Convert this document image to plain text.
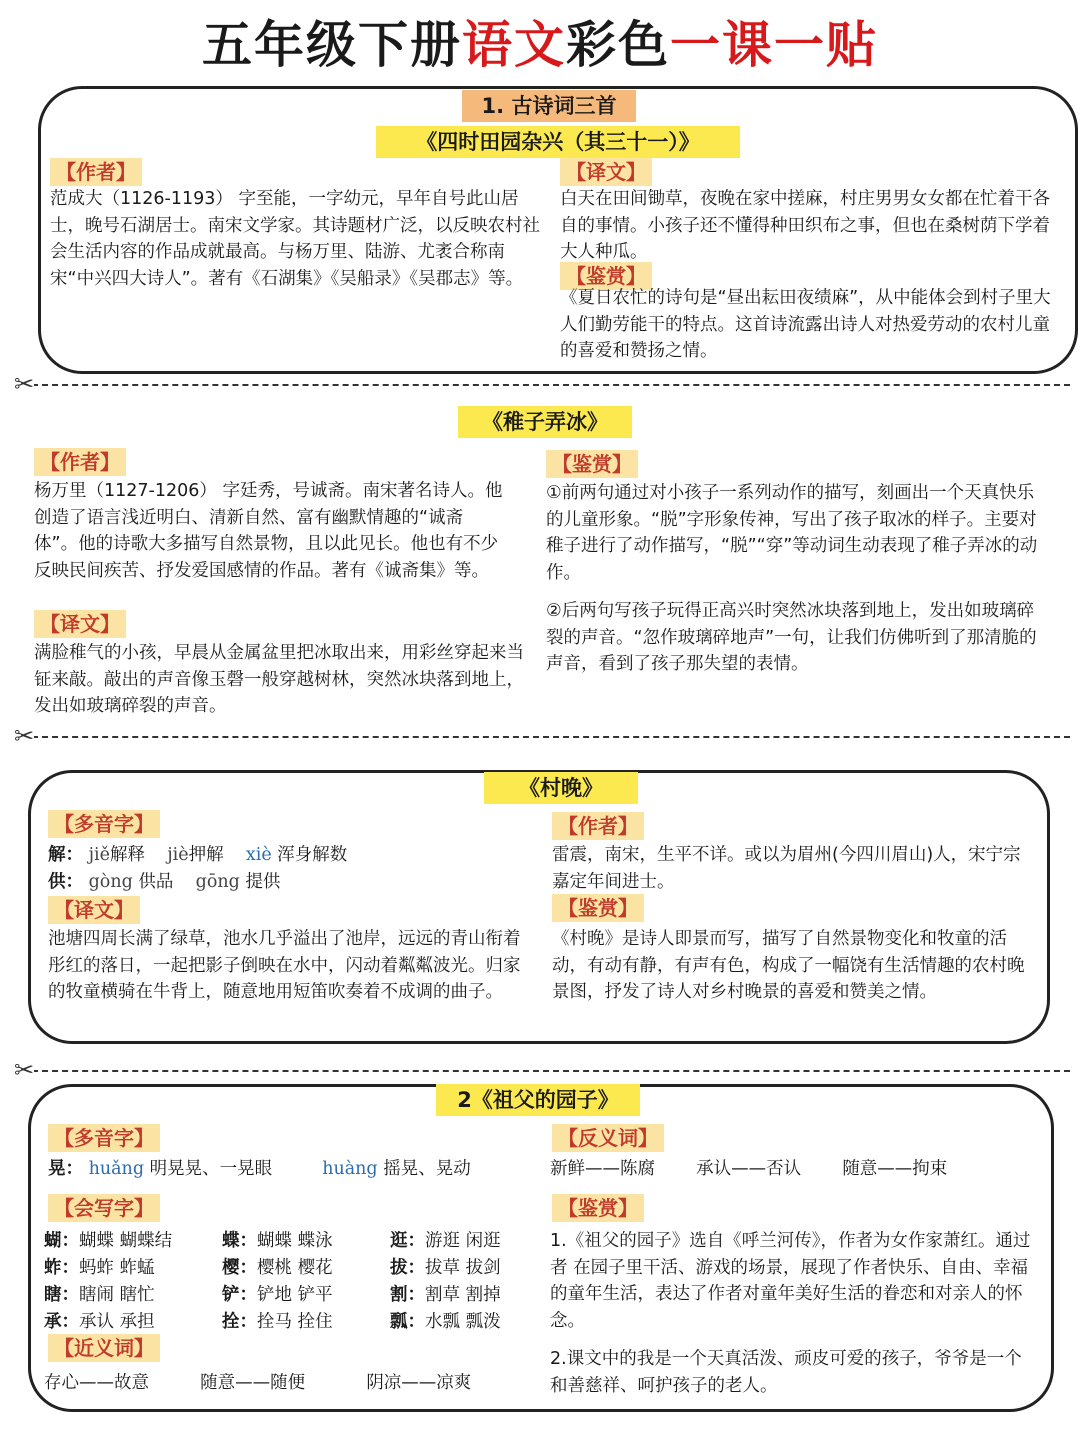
五年级下册语文彩色一课一贴
1. 古诗词三首
《四时田园杂兴（其三十一）》
【作者】
范成大（1126-1193） 字至能，一字幼元，早年自号此山居士，晚号石湖居士。南宋文学家。其诗题材广泛，以反映农村社会生活内容的作品成就最高。与杨万里、陆游、尤袤合称南宋“中兴四大诗人”。著有《石湖集》《吴船录》《吴郡志》等。
【译文】
白天在田间锄草，夜晚在家中搓麻，村庄男男女女都在忙着干各自的事情。小孩子还不懂得种田织布之事，但也在桑树荫下学着大人种瓜。
【鉴赏】
《夏日农忙的诗句是“昼出耘田夜绩麻”，从中能体会到村子里大人们勤劳能干的特点。这首诗流露出诗人对热爱劳动的农村儿童的喜爱和赞扬之情。
✂
《稚子弄冰》
【作者】
杨万里（1127-1206） 字廷秀，号诚斋。南宋著名诗人。他创造了语言浅近明白、清新自然、富有幽默情趣的“诚斋体”。他的诗歌大多描写自然景物，且以此见长。他也有不少反映民间疾苦、抒发爱国感情的作品。著有《诚斋集》等。
【译文】
满脸稚气的小孩，早晨从金属盆里把冰取出来，用彩丝穿起来当钲来敲。敲出的声音像玉磬一般穿越树林，突然冰块落到地上，发出如玻璃碎裂的声音。
【鉴赏】
①前两句通过对小孩子一系列动作的描写，刻画出一个天真快乐的儿童形象。“脱”字形象传神，写出了孩子取冰的样子。主要对稚子进行了动作描写，“脱”“穿”等动词生动表现了稚子弄冰的动作。
②后两句写孩子玩得正高兴时突然冰块落到地上，发出如玻璃碎裂的声音。“忽作玻璃碎地声”一句，让我们仿佛听到了那清脆的声音，看到了孩子那失望的表情。
✂
《村晚》
【多音字】
解： jiě解释 jiè押解 xiè 浑身解数
供： gòng 供品 gōng 提供
【译文】
池塘四周长满了绿草，池水几乎溢出了池岸，远远的青山衔着彤红的落日，一起把影子倒映在水中，闪动着粼粼波光。归家的牧童横骑在牛背上，随意地用短笛吹奏着不成调的曲子。
【作者】
雷震，南宋，生平不详。或以为眉州(今四川眉山)人，宋宁宗嘉定年间进士。
【鉴赏】
《村晚》是诗人即景而写，描写了自然景物变化和牧童的活动，有动有静，有声有色，构成了一幅饶有生活情趣的农村晚景图，抒发了诗人对乡村晚景的喜爱和赞美之情。
✂
2《祖父的园子》
【多音字】
晃： huǎng 明晃晃、一晃眼	huàng 摇晃、晃动
【会写字】
蝴：蝴蝶 蝴蝶结	蝶：蝴蝶 蝶泳	逛：游逛 闲逛
蚱：蚂蚱 蚱蜢	樱：樱桃 樱花	拔：拔草 拔剑
瞎：瞎闹 瞎忙	铲：铲地 铲平	割：割草 割掉
承：承认 承担	拴：拴马 拴住	瓢：水瓢 瓢泼
【近义词】
存心——故意	随意——随便	阴凉——凉爽
【反义词】
新鲜——陈腐 承认——否认 随意——拘束
【鉴赏】
1.《祖父的园子》选自《呼兰河传》，作者为女作家萧红。通过者 在园子里干活、游戏的场景，展现了作者快乐、自由、幸福的童年生活，表达了作者对童年美好生活的眷恋和对亲人的怀念。
2.课文中的我是一个天真活泼、顽皮可爱的孩子，爷爷是一个 和善慈祥、呵护孩子的老人。
